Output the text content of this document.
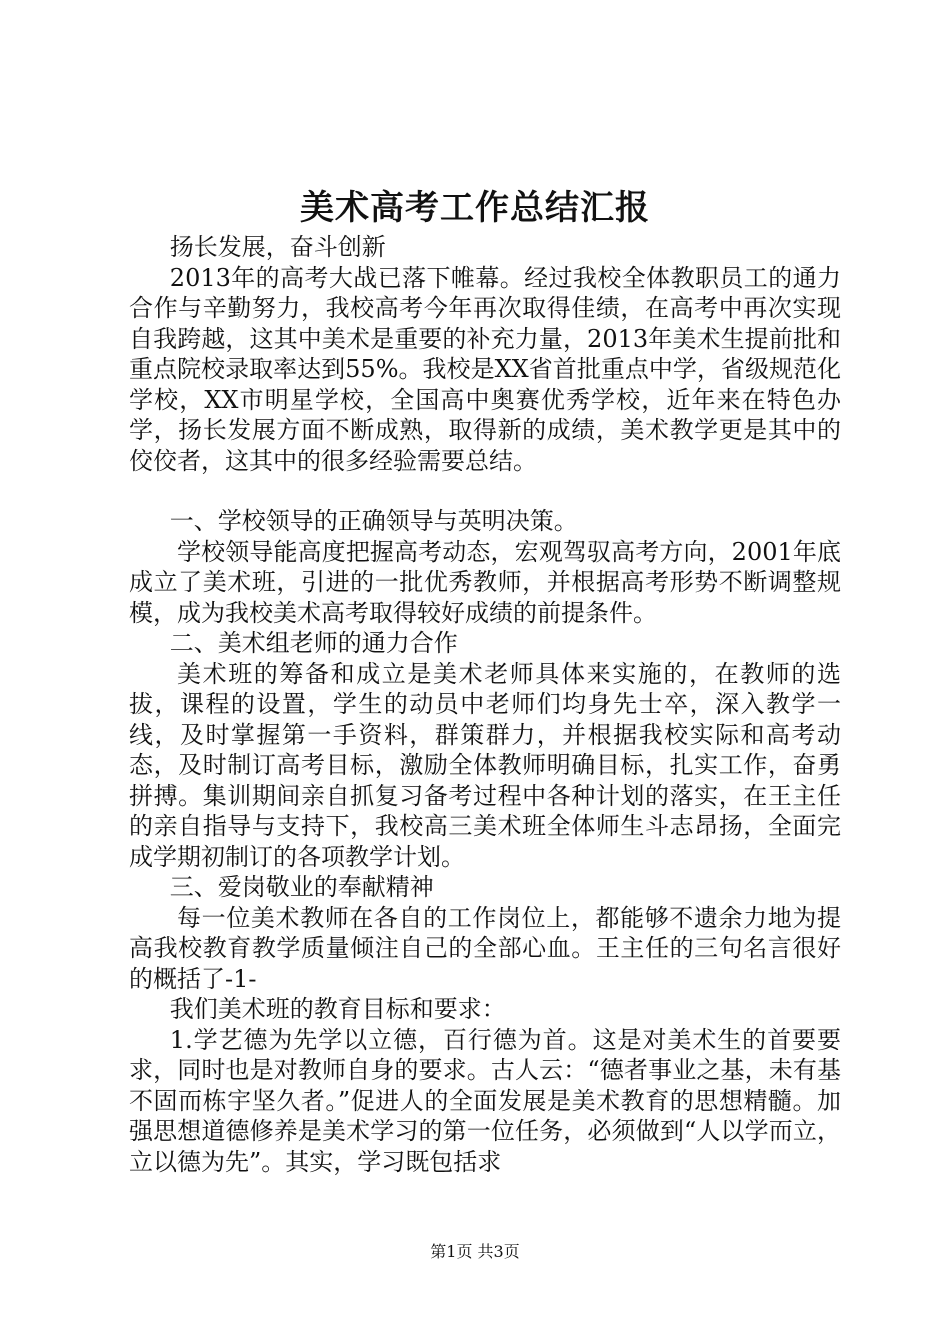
美术高考工作总结汇报

扬长发展，奋斗创新

2013年的高考大战已落下帷幕。经过我校全体教职员工的通力合作与辛勤努力，我校高考今年再次取得佳绩，在高考中再次实现自我跨越，这其中美术是重要的补充力量，2013年美术生提前批和重点院校录取率达到55%。我校是XX省首批重点中学，省级规范化学校，XX市明星学校，全国高中奥赛优秀学校，近年来在特色办学，扬长发展方面不断成熟，取得新的成绩，美术教学更是其中的佼佼者，这其中的很多经验需要总结。

一、学校领导的正确领导与英明决策。

学校领导能高度把握高考动态，宏观驾驭高考方向，2001年底成立了美术班，引进的一批优秀教师，并根据高考形势不断调整规模，成为我校美术高考取得较好成绩的前提条件。

二、美术组老师的通力合作

美术班的筹备和成立是美术老师具体来实施的，在教师的选拔，课程的设置，学生的动员中老师们均身先士卒，深入教学一线，及时掌握第一手资料，群策群力，并根据我校实际和高考动态，及时制订高考目标，激励全体教师明确目标，扎实工作，奋勇拼搏。集训期间亲自抓复习备考过程中各种计划的落实，在王主任的亲自指导与支持下，我校高三美术班全体师生斗志昂扬，全面完成学期初制订的各项教学计划。

三、爱岗敬业的奉献精神

每一位美术教师在各自的工作岗位上，都能够不遗余力地为提高我校教育教学质量倾注自己的全部心血。王主任的三句名言很好的概括了-1-

我们美术班的教育目标和要求：

1.学艺德为先学以立德，百行德为首。这是对美术生的首要要求，同时也是对教师自身的要求。古人云：“德者事业之基，未有基不固而栋宇坚久者。”促进人的全面发展是美术教育的思想精髓。加强思想道德修养是美术学习的第一位任务，必须做到“人以学而立，立以德为先”。其实，学习既包括求

第1页 共3页
